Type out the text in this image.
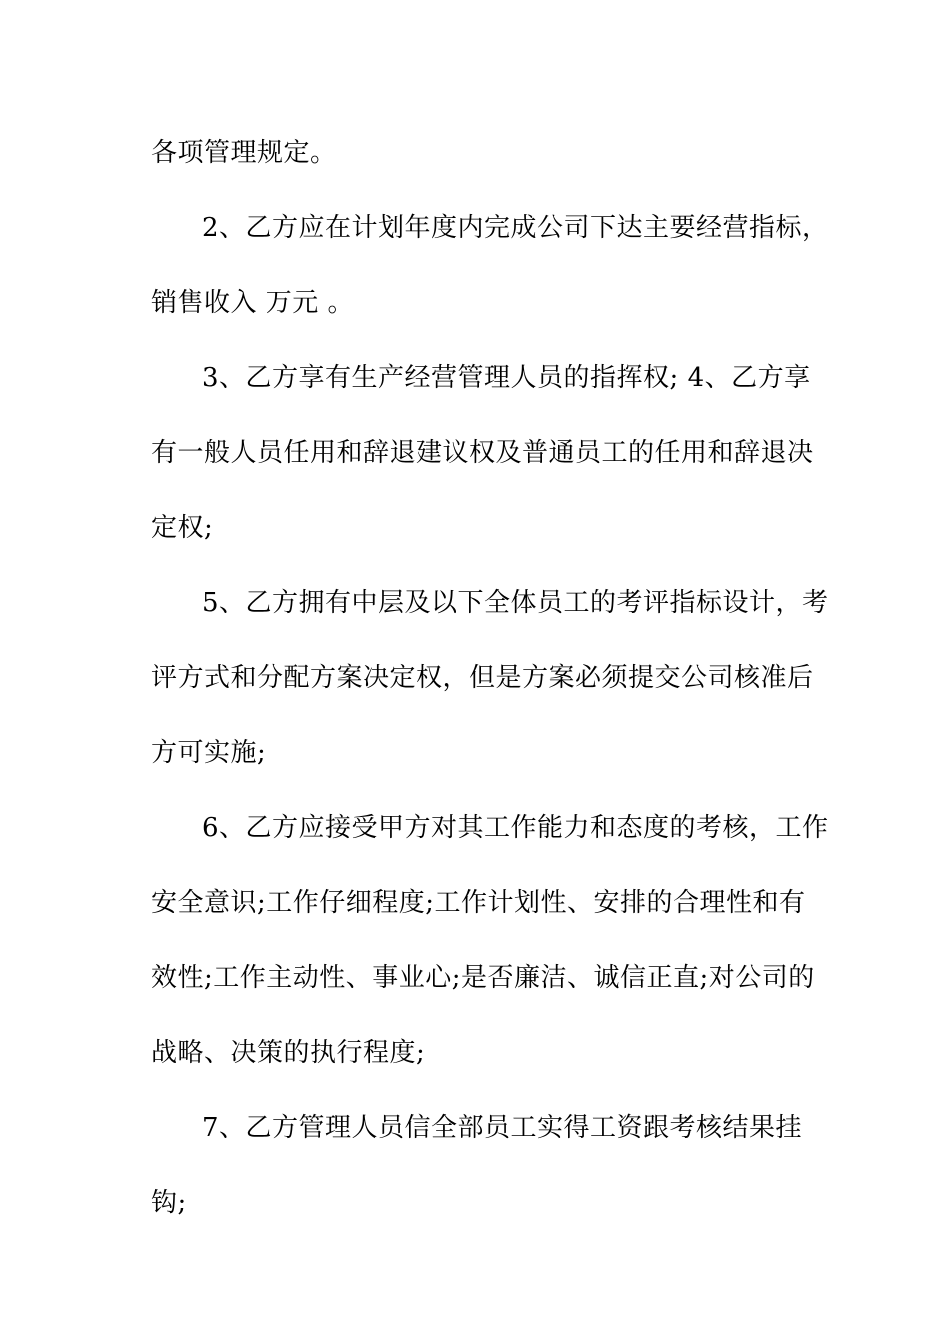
各项管理规定。
2、乙方应在计划年度内完成公司下达主要经营指标，
销售收入 万元 。
3、乙方享有生产经营管理人员的指挥权; 4、乙方享
有一般人员任用和辞退建议权及普通员工的任用和辞退决
定权;
5、乙方拥有中层及以下全体员工的考评指标设计，考
评方式和分配方案决定权，但是方案必须提交公司核准后
方可实施;
6、乙方应接受甲方对其工作能力和态度的考核，工作
安全意识;工作仔细程度;工作计划性、安排的合理性和有
效性;工作主动性、事业心;是否廉洁、诚信正直;对公司的
战略、决策的执行程度;
7、乙方管理人员信全部员工实得工资跟考核结果挂
钩;
